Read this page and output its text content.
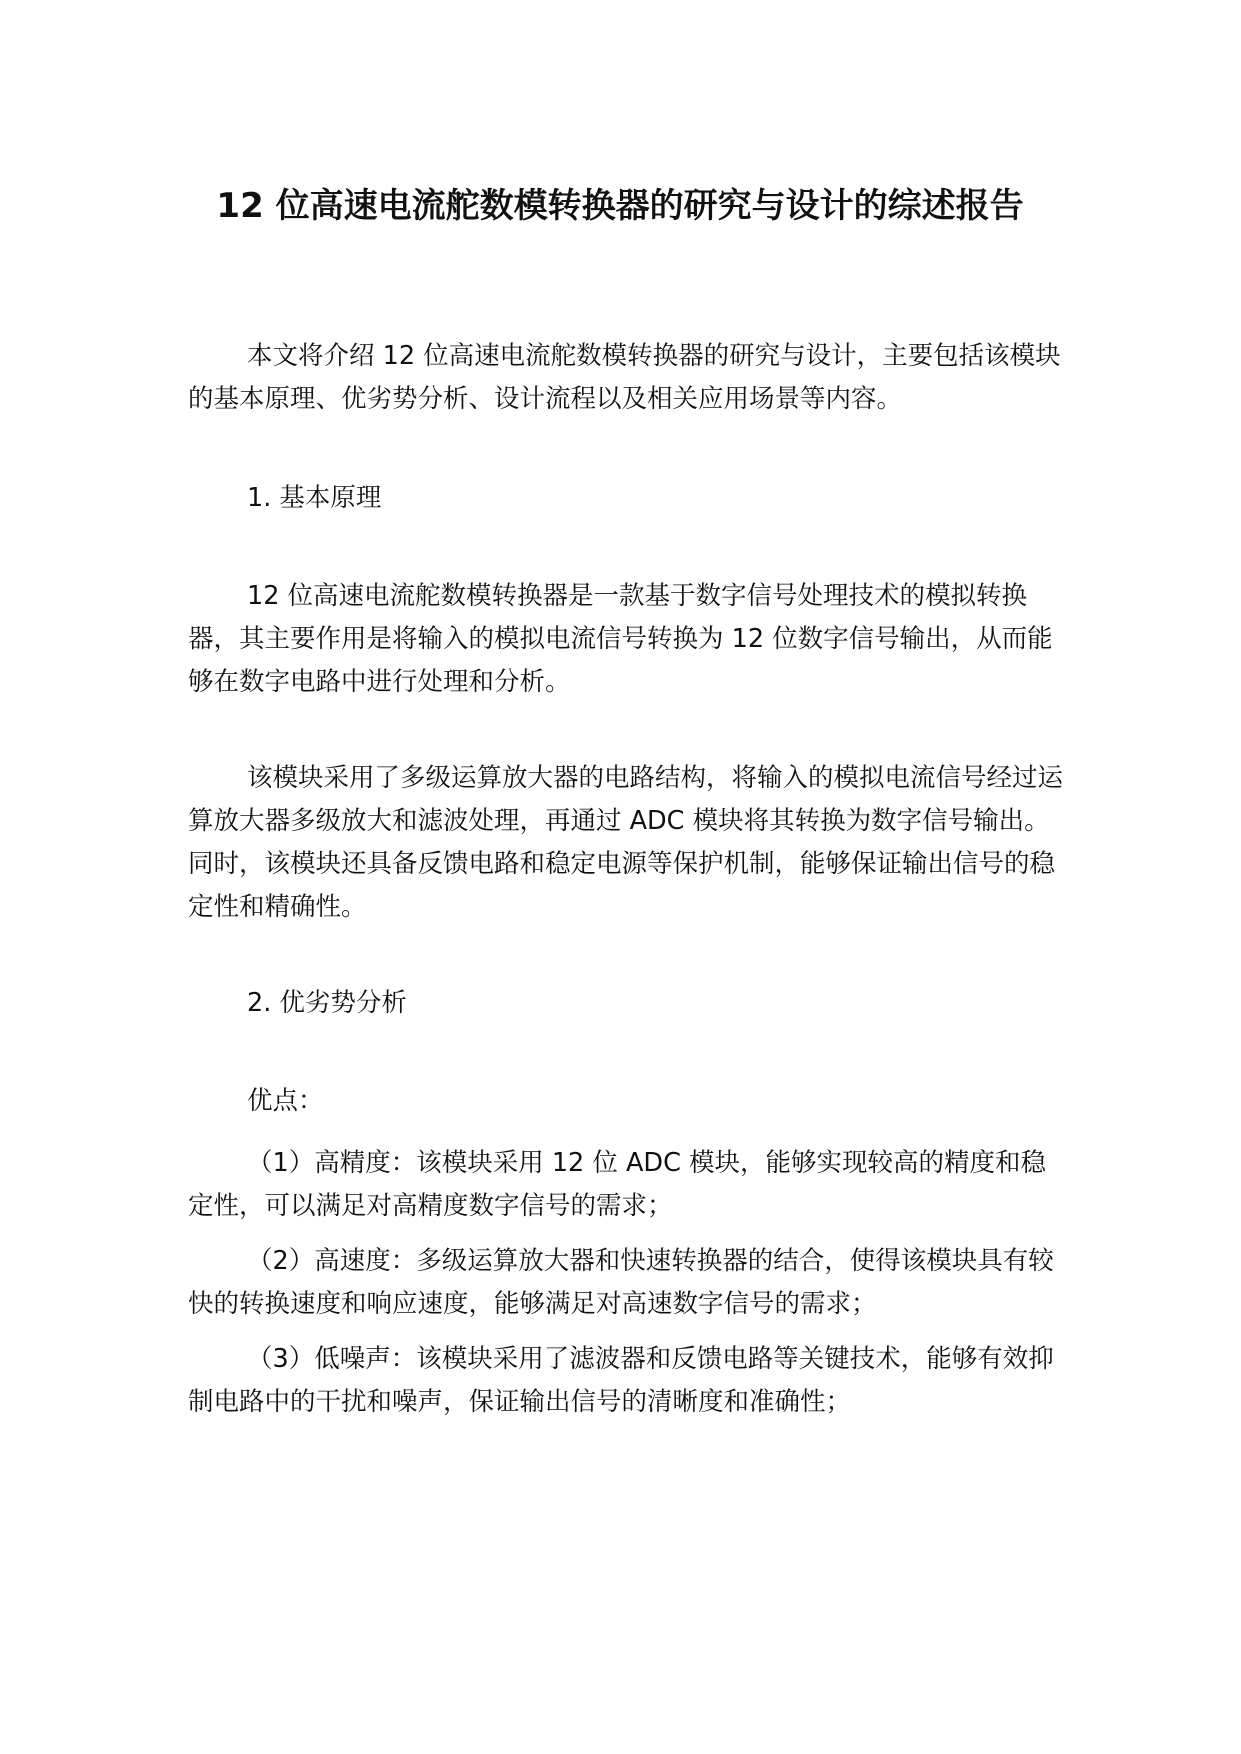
12 位高速电流舵数模转换器的研究与设计的综述报告

本文将介绍 12 位高速电流舵数模转换器的研究与设计，主要包括该模块的基本原理、优劣势分析、设计流程以及相关应用场景等内容。

1. 基本原理

12 位高速电流舵数模转换器是一款基于数字信号处理技术的模拟转换器，其主要作用是将输入的模拟电流信号转换为 12 位数字信号输出，从而能够在数字电路中进行处理和分析。

该模块采用了多级运算放大器的电路结构，将输入的模拟电流信号经过运算放大器多级放大和滤波处理，再通过 ADC 模块将其转换为数字信号输出。同时，该模块还具备反馈电路和稳定电源等保护机制，能够保证输出信号的稳定性和精确性。

2. 优劣势分析

优点：

（1）高精度：该模块采用 12 位 ADC 模块，能够实现较高的精度和稳定性，可以满足对高精度数字信号的需求；

（2）高速度：多级运算放大器和快速转换器的结合，使得该模块具有较快的转换速度和响应速度，能够满足对高速数字信号的需求；

（3）低噪声：该模块采用了滤波器和反馈电路等关键技术，能够有效抑制电路中的干扰和噪声，保证输出信号的清晰度和准确性；
